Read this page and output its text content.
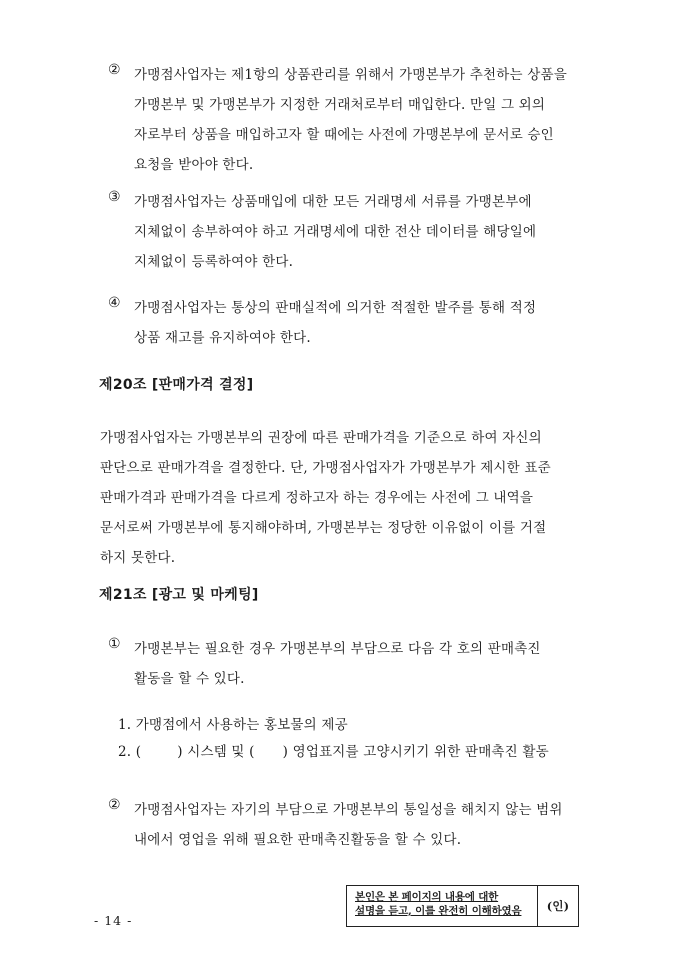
② 가맹점사업자는 제1항의 상품관리를 위해서 가맹본부가 추천하는 상품을
가맹본부 및 가맹본부가 지정한 거래처로부터 매입한다. 만일 그 외의
자로부터 상품을 매입하고자 할 때에는 사전에 가맹본부에 문서로 승인
요청을 받아야 한다.
③ 가맹점사업자는 상품매입에 대한 모든 거래명세 서류를 가맹본부에
지체없이 송부하여야 하고 거래명세에 대한 전산 데이터를 해당일에
지체없이 등록하여야 한다.
④ 가맹점사업자는 통상의 판매실적에 의거한 적절한 발주를 통해 적정
상품 재고를 유지하여야 한다.
제20조 [판매가격 결정]
가맹점사업자는 가맹본부의 권장에 따른 판매가격을 기준으로 하여 자신의
판단으로 판매가격을 결정한다. 단, 가맹점사업자가 가맹본부가 제시한 표준
판매가격과 판매가격을 다르게 정하고자 하는 경우에는 사전에 그 내역을
문서로써 가맹본부에 통지해야하며, 가맹본부는 정당한 이유없이 이를 거절
하지 못한다.
제21조 [광고 및 마케팅]
① 가맹본부는 필요한 경우 가맹본부의 부담으로 다음 각 호의 판매촉진
활동을 할 수 있다.
1. 가맹점에서 사용하는 홍보물의 제공
2. (	) 시스템 및 ( ) 영업표지를 고양시키기 위한 판매촉진 활동
② 가맹점사업자는 자기의 부담으로 가맹본부의 통일성을 해치지 않는 범위
내에서 영업을 위해 필요한 판매촉진활동을 할 수 있다.
- 14 -
본인은 본 페이지의 내용에 대한
설명을 듣고, 이를 완전히 이해하였음	(인)
